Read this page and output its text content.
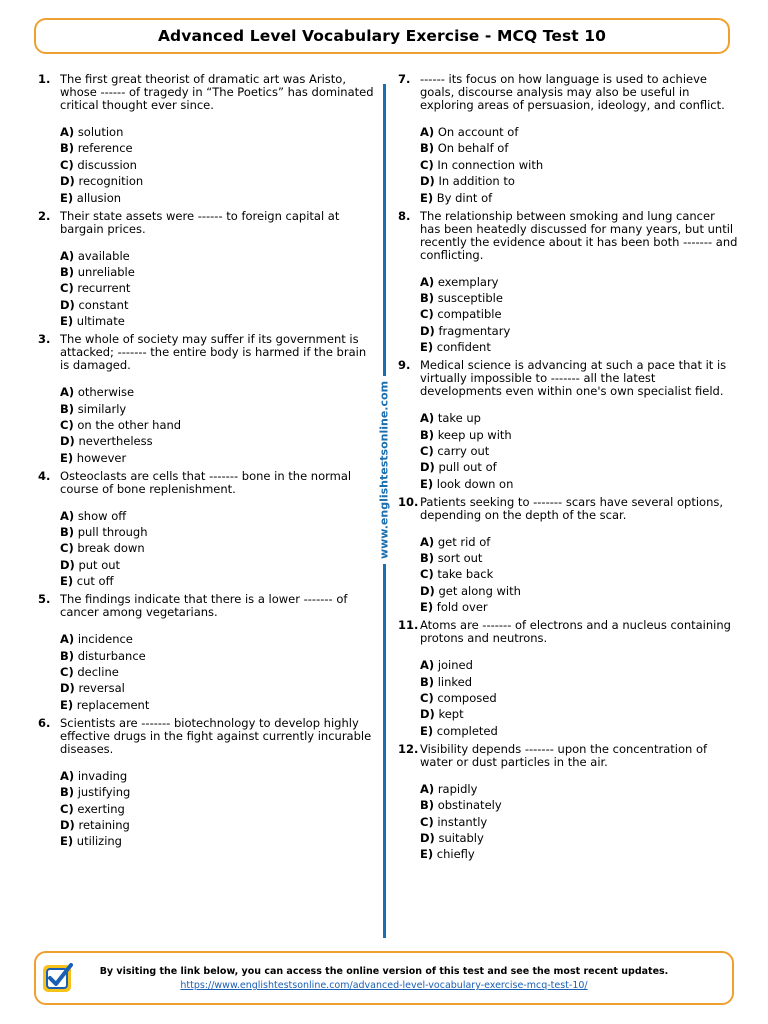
Advanced Level Vocabulary Exercise - MCQ Test 10
1. The first great theorist of dramatic art was Aristo, whose ------ of tragedy in “The Poetics” has dominated critical thought ever since.
A) solution
B) reference
C) discussion
D) recognition
E) allusion
2. Their state assets were ------ to foreign capital at bargain prices.
A) available
B) unreliable
C) recurrent
D) constant
E) ultimate
3. The whole of society may suffer if its government is attacked; ------- the entire body is harmed if the brain is damaged.
A) otherwise
B) similarly
C) on the other hand
D) nevertheless
E) however
4. Osteoclasts are cells that ------- bone in the normal course of bone replenishment.
A) show off
B) pull through
C) break down
D) put out
E) cut off
5. The findings indicate that there is a lower ------- of cancer among vegetarians.
A) incidence
B) disturbance
C) decline
D) reversal
E) replacement
6. Scientists are ------- biotechnology to develop highly effective drugs in the fight against currently incurable diseases.
A) invading
B) justifying
C) exerting
D) retaining
E) utilizing
www.englishtestsonline.com
7. ------ its focus on how language is used to achieve goals, discourse analysis may also be useful in exploring areas of persuasion, ideology, and conflict.
A) On account of
B) On behalf of
C) In connection with
D) In addition to
E) By dint of
8. The relationship between smoking and lung cancer has been heatedly discussed for many years, but until recently the evidence about it has been both ------- and conflicting.
A) exemplary
B) susceptible
C) compatible
D) fragmentary
E) confident
9. Medical science is advancing at such a pace that it is virtually impossible to ------- all the latest developments even within one's own specialist field.
A) take up
B) keep up with
C) carry out
D) pull out of
E) look down on
10. Patients seeking to ------- scars have several options, depending on the depth of the scar.
A) get rid of
B) sort out
C) take back
D) get along with
E) fold over
11. Atoms are ------- of electrons and a nucleus containing protons and neutrons.
A) joined
B) linked
C) composed
D) kept
E) completed
12. Visibility depends ------- upon the concentration of water or dust particles in the air.
A) rapidly
B) obstinately
C) instantly
D) suitably
E) chiefly
By visiting the link below, you can access the online version of this test and see the most recent updates.
https://www.englishtestsonline.com/advanced-level-vocabulary-exercise-mcq-test-10/
